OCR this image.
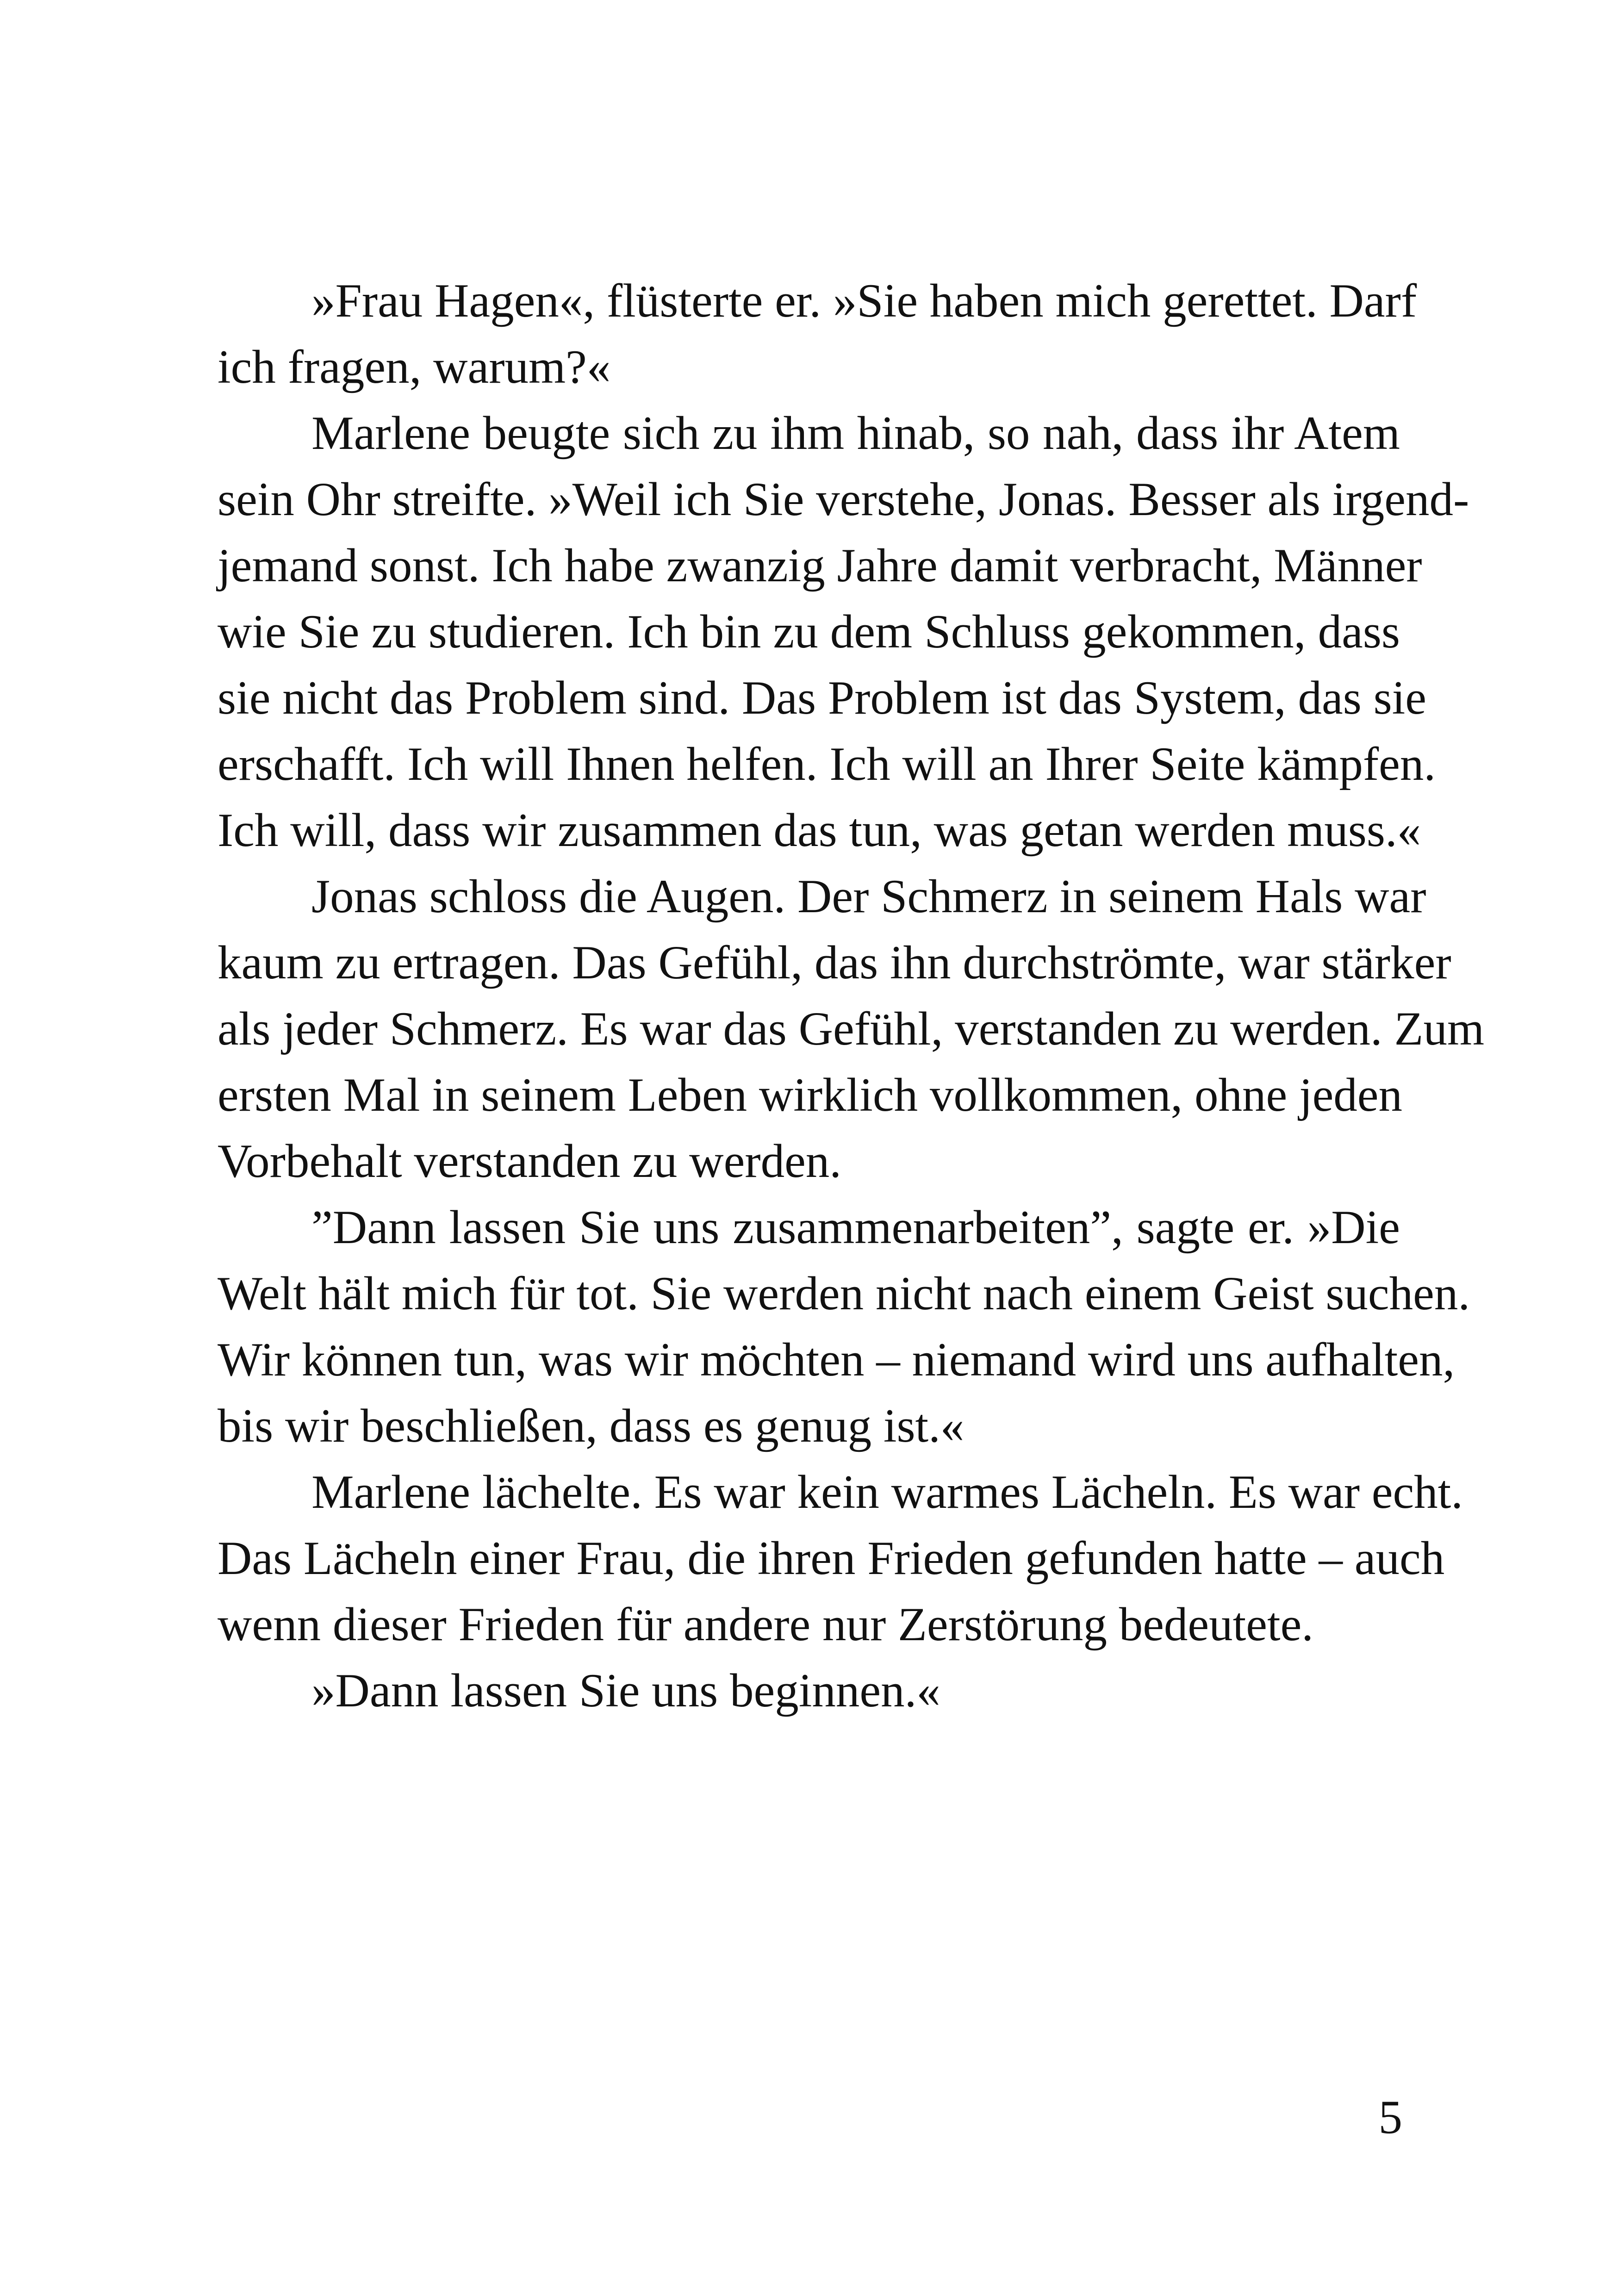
»Frau Hagen«, flüsterte er. »Sie haben mich gerettet. Darf
ich fragen, warum?«
Marlene beugte sich zu ihm hinab, so nah, dass ihr Atem
sein Ohr streifte. »Weil ich Sie verstehe, Jonas. Besser als irgend-
jemand sonst. Ich habe zwanzig Jahre damit verbracht, Männer
wie Sie zu studieren. Ich bin zu dem Schluss gekommen, dass
sie nicht das Problem sind. Das Problem ist das System, das sie
erschafft. Ich will Ihnen helfen. Ich will an Ihrer Seite kämpfen.
Ich will, dass wir zusammen das tun, was getan werden muss.«
Jonas schloss die Augen. Der Schmerz in seinem Hals war
kaum zu ertragen. Das Gefühl, das ihn durchströmte, war stärker
als jeder Schmerz. Es war das Gefühl, verstanden zu werden. Zum
ersten Mal in seinem Leben wirklich vollkommen, ohne jeden
Vorbehalt verstanden zu werden.
”Dann lassen Sie uns zusammenarbeiten”, sagte er. »Die
Welt hält mich für tot. Sie werden nicht nach einem Geist suchen.
Wir können tun, was wir möchten – niemand wird uns aufhalten,
bis wir beschließen, dass es genug ist.«
Marlene lächelte. Es war kein warmes Lächeln. Es war echt.
Das Lächeln einer Frau, die ihren Frieden gefunden hatte – auch
wenn dieser Frieden für andere nur Zerstörung bedeutete.
»Dann lassen Sie uns beginnen.«
5
